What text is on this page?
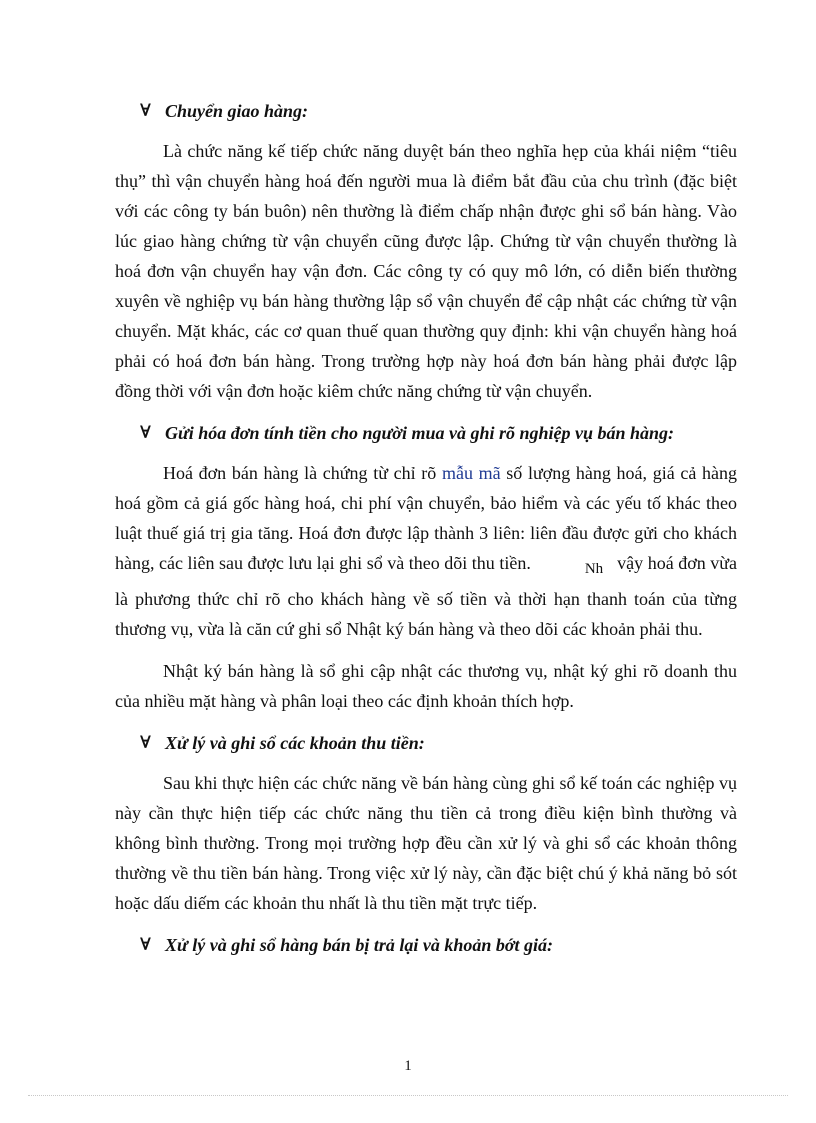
∀ Chuyển giao hàng:

Là chức năng kế tiếp chức năng duyệt bán theo nghĩa hẹp của khái niệm “tiêu thụ” thì vận chuyển hàng hoá đến người mua là điểm bắt đầu của chu trình (đặc biệt với các công ty bán buôn) nên thường là điểm chấp nhận được ghi sổ bán hàng. Vào lúc giao hàng chứng từ vận chuyển cũng được lập. Chứng từ vận chuyển thường là hoá đơn vận chuyển hay vận đơn. Các công ty có quy mô lớn, có diễn biến thường xuyên về nghiệp vụ bán hàng thường lập sổ vận chuyển để cập nhật các chứng từ vận chuyển. Mặt khác, các cơ quan thuế quan thường quy định: khi vận chuyển hàng hoá phải có hoá đơn bán hàng. Trong trường hợp này hoá đơn bán hàng phải được lập đồng thời với vận đơn hoặc kiêm chức năng chứng từ vận chuyển.

∀ Gửi hóa đơn tính tiền cho người mua và ghi rõ nghiệp vụ bán hàng:

Hoá đơn bán hàng là chứng từ chỉ rõ mẫu mã số lượng hàng hoá, giá cả hàng hoá gồm cả giá gốc hàng hoá, chi phí vận chuyển, bảo hiểm và các yếu tố khác theo luật thuế giá trị gia tăng. Hoá đơn được lập thành 3 liên: liên đầu được gửi cho khách hàng, các liên sau được lưu lại ghi sổ và theo dõi thu tiền.	Nh vậy hoá đơn vừa là phương thức chỉ rõ cho khách hàng về số tiền và thời hạn thanh toán của từng thương vụ, vừa là căn cứ ghi sổ Nhật ký bán hàng và theo dõi các khoản phải thu.

Nhật ký bán hàng là sổ ghi cập nhật các thương vụ, nhật ký ghi rõ doanh thu của nhiều mặt hàng và phân loại theo các định khoản thích hợp.

∀ Xử lý và ghi sổ các khoản thu tiền:

Sau khi thực hiện các chức năng về bán hàng cùng ghi sổ kế toán các nghiệp vụ này cần thực hiện tiếp các chức năng thu tiền cả trong điều kiện bình thường và không bình thường. Trong mọi trường hợp đều cần xử lý và ghi sổ các khoản thông thường về thu tiền bán hàng. Trong việc xử lý này, cần đặc biệt chú ý khả năng bỏ sót hoặc dấu diếm các khoản thu nhất là thu tiền mặt trực tiếp.

∀ Xử lý và ghi sổ hàng bán bị trả lại và khoản bớt giá:
1
